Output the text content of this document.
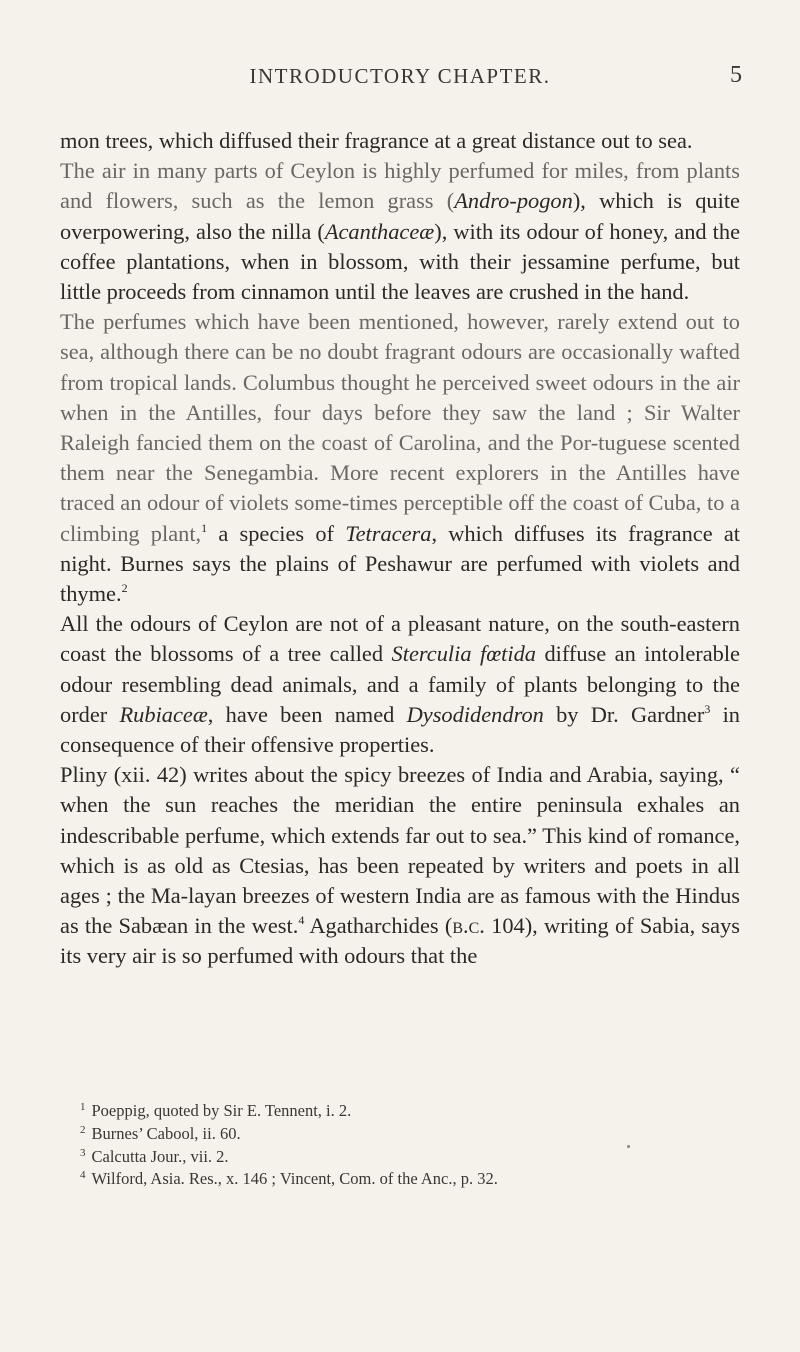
INTRODUCTORY CHAPTER.	5

mon trees, which diffused their fragrance at a great distance out to sea.

The air in many parts of Ceylon is highly perfumed for miles, from plants and flowers, such as the lemon grass (Andro-pogon), which is quite overpowering, also the nilla (Acanthaceæ), with its odour of honey, and the coffee plantations, when in blossom, with their jessamine perfume, but little proceeds from cinnamon until the leaves are crushed in the hand.

The perfumes which have been mentioned, however, rarely extend out to sea, although there can be no doubt fragrant odours are occasionally wafted from tropical lands. Columbus thought he perceived sweet odours in the air when in the Antilles, four days before they saw the land ; Sir Walter Raleigh fancied them on the coast of Carolina, and the Por-tuguese scented them near the Senegambia. More recent explorers in the Antilles have traced an odour of violets some-times perceptible off the coast of Cuba, to a climbing plant,$^1$ a species of Tetracera, which diffuses its fragrance at night. Burnes says the plains of Peshawur are perfumed with violets and thyme.$^2$

All the odours of Ceylon are not of a pleasant nature, on the south-eastern coast the blossoms of a tree called Sterculia fœtida diffuse an intolerable odour resembling dead animals, and a family of plants belonging to the order Rubiaceæ, have been named Dysodidendron by Dr. Gardner$^3$ in consequence of their offensive properties.

Pliny (xii. 42) writes about the spicy breezes of India and Arabia, saying, “ when the sun reaches the meridian the entire peninsula exhales an indescribable perfume, which extends far out to sea.” This kind of romance, which is as old as Ctesias, has been repeated by writers and poets in all ages ; the Ma-layan breezes of western India are as famous with the Hindus as the Sabæan in the west.$^4$ Agatharchides (b.c. 104), writing of Sabia, says its very air is so perfumed with odours that the

$^1$ Poeppig, quoted by Sir E. Tennent, i. 2.

$^2$ Burnes’ Cabool, ii. 60.

$^3$ Calcutta Jour., vii. 2.

$^4$ Wilford, Asia. Res., x. 146 ; Vincent, Com. of the Anc., p. 32.
